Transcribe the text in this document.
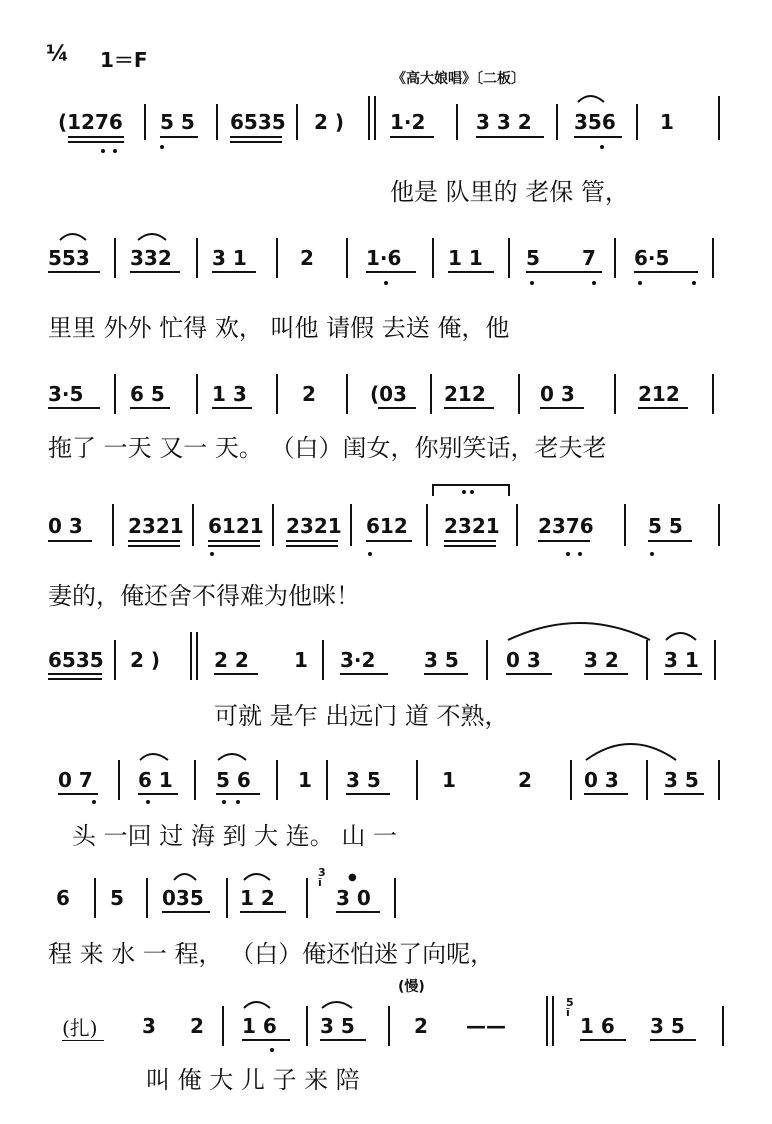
¼ 1＝F
《高大娘唱》〔二板〕
(1276 5 5 6535 2 ) 1·2	3 3 2 356 1
他是 队里的 老保 管，
553 332 3 1	2	1·6 1 1 5 7 6·5
里里 外外 忙得 欢， 叫他 请假 去送 俺，他
3·5 6 5 1 3	2	(03 212	0 3	212
拖了 一天 又一 天。 （白）闺女，你别笑话，老夫老
0 3 2321 6121 2321 612 2321 2376	5 5
妻的，俺还舍不得难为他咪！
6535 2 )	2 2 1 3·2 3 5 0 3 3 2 3 1
可就 是乍 出远门 道 不熟，
0 7 6 1 5 6 1 3 5	1	2	0 3 3 5
头 一回 过 海 到 大 连。 山 一
6 5 035 1 2	3 0
3
ĩ
程 来 水 一 程， （白）俺还怕迷了向呢，
(慢)
(扎) 3 2 1 6 3 5	2 ——	1 6 3 5
5
ĩ
叫 俺 大 儿 子 来 陪
●
